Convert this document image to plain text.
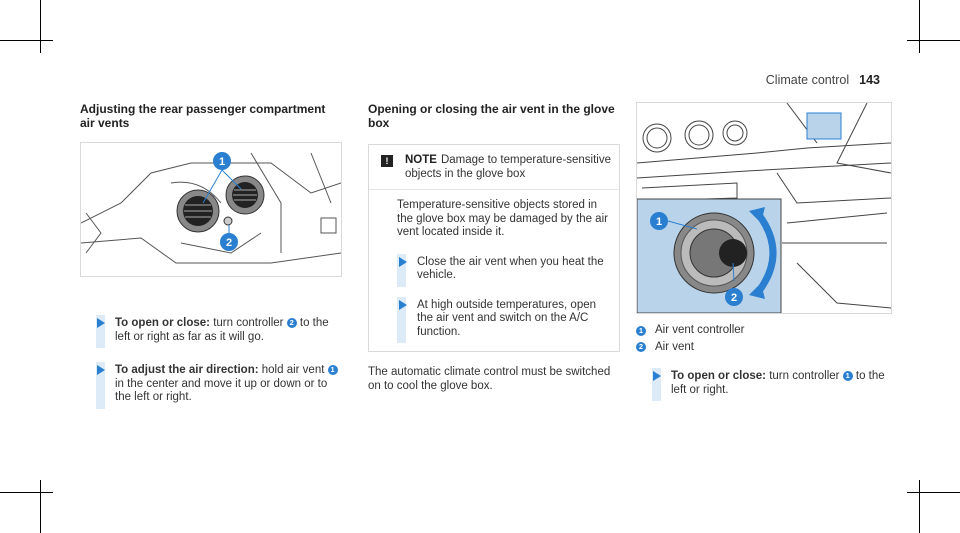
Climate control 143
Adjusting the rear passenger compartment air vents
1
2
To open or close: turn controller 2 to the left or right as far as it will go.
To adjust the air direction: hold air vent 1 in the center and move it up or down or to the left or right.
Opening or closing the air vent in the glove box
!	NOTE Damage to temperature-sensitive objects in the glove box
Temperature-sensitive objects stored in the glove box may be damaged by the air vent located inside it.
Close the air vent when you heat the vehicle.
At high outside temperatures, open the air vent and switch on the A/C function.
The automatic climate control must be switched on to cool the glove box.
1
2
1 Air vent controller
2 Air vent
To open or close: turn controller 1 to the left or right.
